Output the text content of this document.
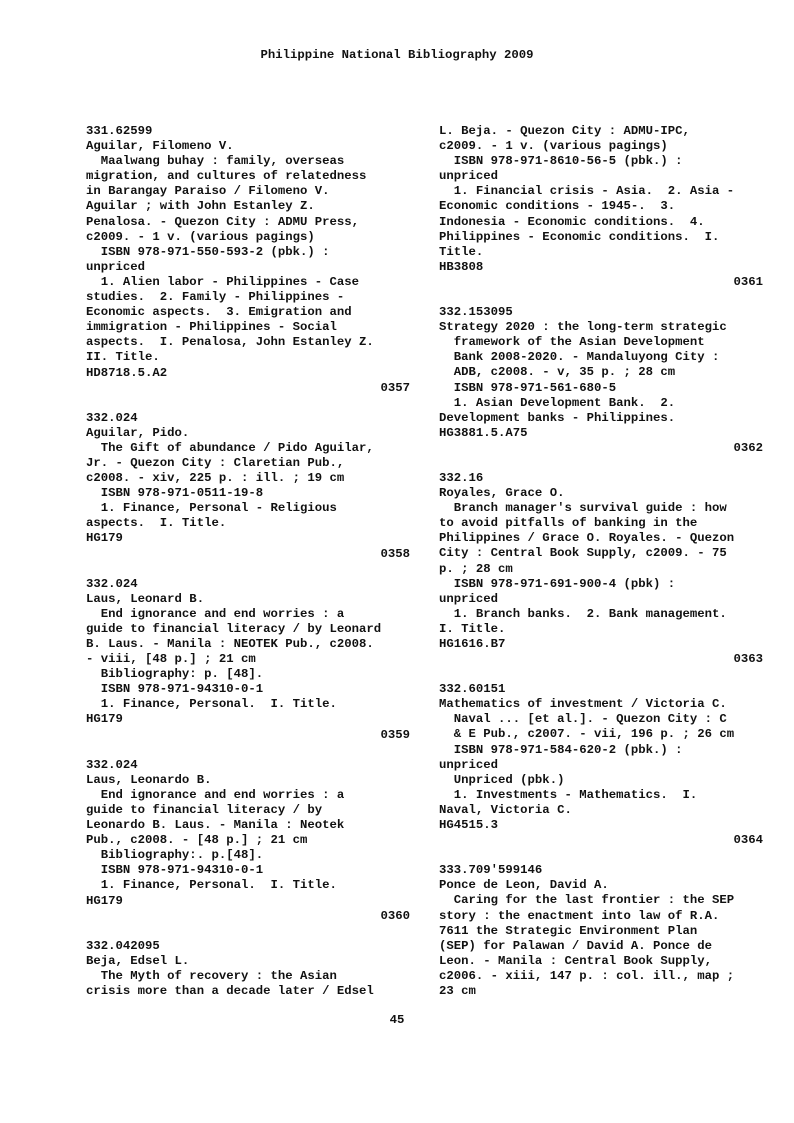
Philippine National Bibliography 2009
331.62599
Aguilar, Filomeno V.
Maalwang buhay : family, overseas
migration, and cultures of relatedness
in Barangay Paraiso / Filomeno V.
Aguilar ; with John Estanley Z.
Penalosa. - Quezon City : ADMU Press,
c2009. - 1 v. (various pagings)
ISBN 978-971-550-593-2 (pbk.) :
unpriced
1. Alien labor - Philippines - Case
studies.  2. Family - Philippines -
Economic aspects.  3. Emigration and
immigration - Philippines - Social
aspects.  I. Penalosa, John Estanley Z.
II. Title.
HD8718.5.A2
0357
332.024
Aguilar, Pido.
The Gift of abundance / Pido Aguilar,
Jr. - Quezon City : Claretian Pub.,
c2008. - xiv, 225 p. : ill. ; 19 cm
ISBN 978-971-0511-19-8
1. Finance, Personal - Religious
aspects.  I. Title.
HG179
0358
332.024
Laus, Leonard B.
End ignorance and end worries : a
guide to financial literacy / by Leonard
B. Laus. - Manila : NEOTEK Pub., c2008.
- viii, [48 p.] ; 21 cm
Bibliography: p. [48].
ISBN 978-971-94310-0-1
1. Finance, Personal.  I. Title.
HG179
0359
332.024
Laus, Leonardo B.
End ignorance and end worries : a
guide to financial literacy / by
Leonardo B. Laus. - Manila : Neotek
Pub., c2008. - [48 p.] ; 21 cm
Bibliography:. p.[48].
ISBN 978-971-94310-0-1
1. Finance, Personal.  I. Title.
HG179
0360
332.042095
Beja, Edsel L.
The Myth of recovery : the Asian
crisis more than a decade later / Edsel
L. Beja. - Quezon City : ADMU-IPC,
c2009. - 1 v. (various pagings)
ISBN 978-971-8610-56-5 (pbk.) :
unpriced
1. Financial crisis - Asia.  2. Asia -
Economic conditions - 1945-.  3.
Indonesia - Economic conditions.  4.
Philippines - Economic conditions.  I.
Title.
HB3808
0361
332.153095
Strategy 2020 : the long-term strategic
framework of the Asian Development
Bank 2008-2020. - Mandaluyong City :
ADB, c2008. - v, 35 p. ; 28 cm
ISBN 978-971-561-680-5
1. Asian Development Bank.  2.
Development banks - Philippines.
HG3881.5.A75
0362
332.16
Royales, Grace O.
Branch manager's survival guide : how
to avoid pitfalls of banking in the
Philippines / Grace O. Royales. - Quezon
City : Central Book Supply, c2009. - 75
p. ; 28 cm
ISBN 978-971-691-900-4 (pbk) :
unpriced
1. Branch banks.  2. Bank management.
I. Title.
HG1616.B7
0363
332.60151
Mathematics of investment / Victoria C.
Naval ... [et al.]. - Quezon City : C
& E Pub., c2007. - vii, 196 p. ; 26 cm
ISBN 978-971-584-620-2 (pbk.) :
unpriced
Unpriced (pbk.)
1. Investments - Mathematics.  I.
Naval, Victoria C.
HG4515.3
0364
333.709'599146
Ponce de Leon, David A.
Caring for the last frontier : the SEP
story : the enactment into law of R.A.
7611 the Strategic Environment Plan
(SEP) for Palawan / David A. Ponce de
Leon. - Manila : Central Book Supply,
c2006. - xiii, 147 p. : col. ill., map ;
23 cm
45
